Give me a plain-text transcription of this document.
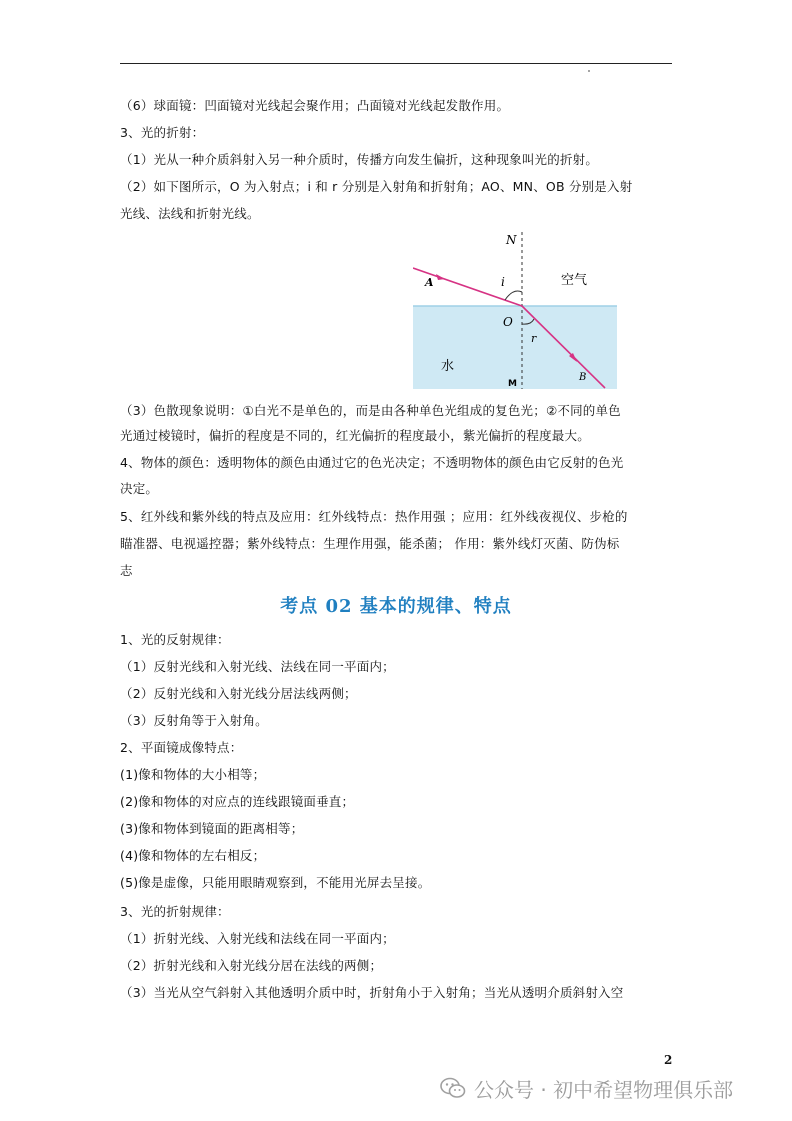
（6）球面镜：凹面镜对光线起会聚作用；凸面镜对光线起发散作用。
3、光的折射：
（1）光从一种介质斜射入另一种介质时，传播方向发生偏折，这种现象叫光的折射。
（2）如下图所示，O 为入射点；i 和 r 分别是入射角和折射角；AO、MN、OB 分别是入射
光线、法线和折射光线。
N
i	空气
A
O
r
水
M
B
（3）色散现象说明：①白光不是单色的，而是由各种单色光组成的复色光；②不同的单色
光通过棱镜时，偏折的程度是不同的，红光偏折的程度最小，紫光偏折的程度最大。
4、物体的颜色：透明物体的颜色由通过它的色光决定；不透明物体的颜色由它反射的色光
决定。
5、红外线和紫外线的特点及应用：红外线特点：热作用强 ；应用：红外线夜视仪、步枪的
瞄准器、电视遥控器；紫外线特点：生理作用强，能杀菌； 作用：紫外线灯灭菌、防伪标
志
考点 02 基本的规律、特点
1、光的反射规律：
（1）反射光线和入射光线、法线在同一平面内；
（2）反射光线和入射光线分居法线两侧；
（3）反射角等于入射角。
2、平面镜成像特点：
(1)像和物体的大小相等；
(2)像和物体的对应点的连线跟镜面垂直；
(3)像和物体到镜面的距离相等；
(4)像和物体的左右相反；
(5)像是虚像，只能用眼睛观察到，不能用光屏去呈接。
3、光的折射规律：
（1）折射光线、入射光线和法线在同一平面内；
（2）折射光线和入射光线分居在法线的两侧；
（3）当光从空气斜射入其他透明介质中时，折射角小于入射角；当光从透明介质斜射入空
2
公众号 · 初中希望物理俱乐部
